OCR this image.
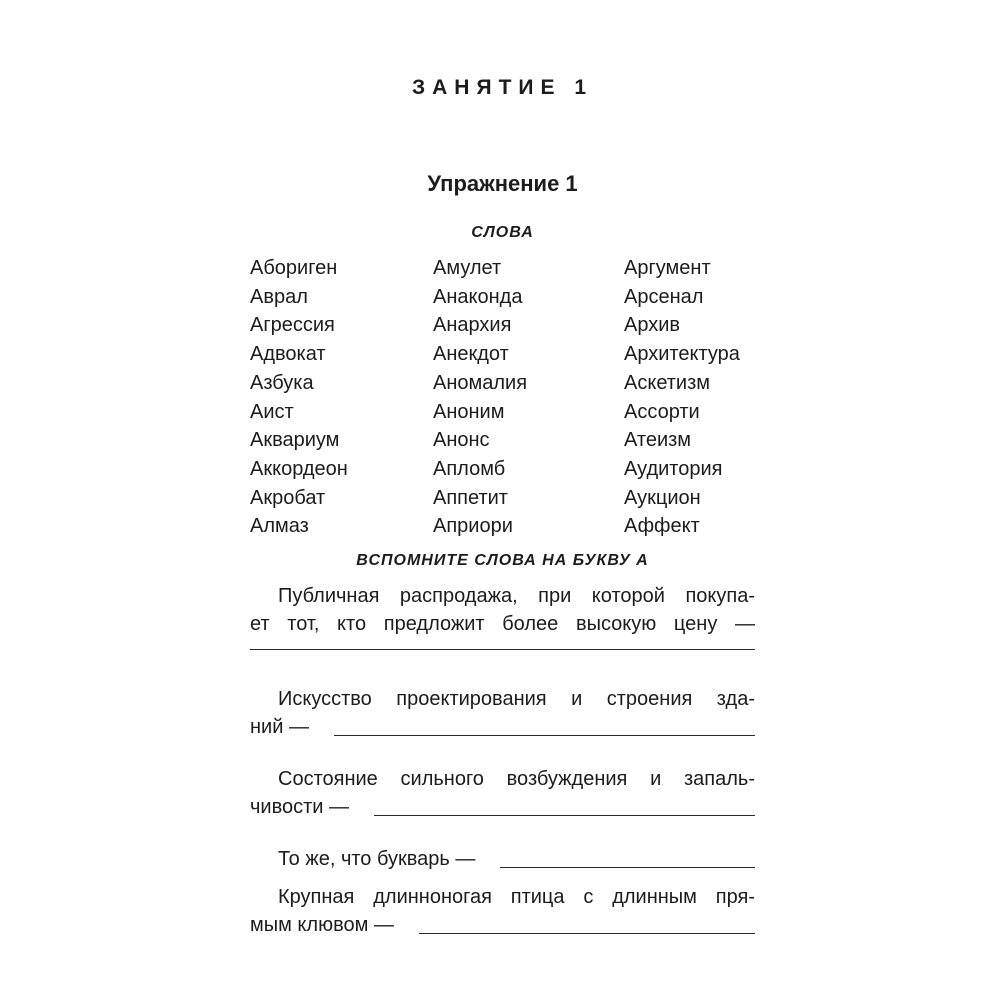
ЗАНЯТИЕ 1
Упражнение 1
СЛОВА
Абориген
Аврал
Агрессия
Адвокат
Азбука
Аист
Аквариум
Аккордеон
Акробат
Алмаз
Амулет
Анаконда
Анархия
Анекдот
Аномалия
Аноним
Анонс
Апломб
Аппетит
Априори
Аргумент
Арсенал
Архив
Архитектура
Аскетизм
Ассорти
Атеизм
Аудитория
Аукцион
Аффект
ВСПОМНИТЕ СЛОВА НА БУКВУ А
Публичная распродажа, при которой покупа-
ет тот, кто предложит более высокую цену —
Искусство проектирования и строения зда-
ний —
Состояние сильного возбуждения и запаль-
чивости —
То же, что букварь —
Крупная длинноногая птица с длинным пря-
мым клювом —
